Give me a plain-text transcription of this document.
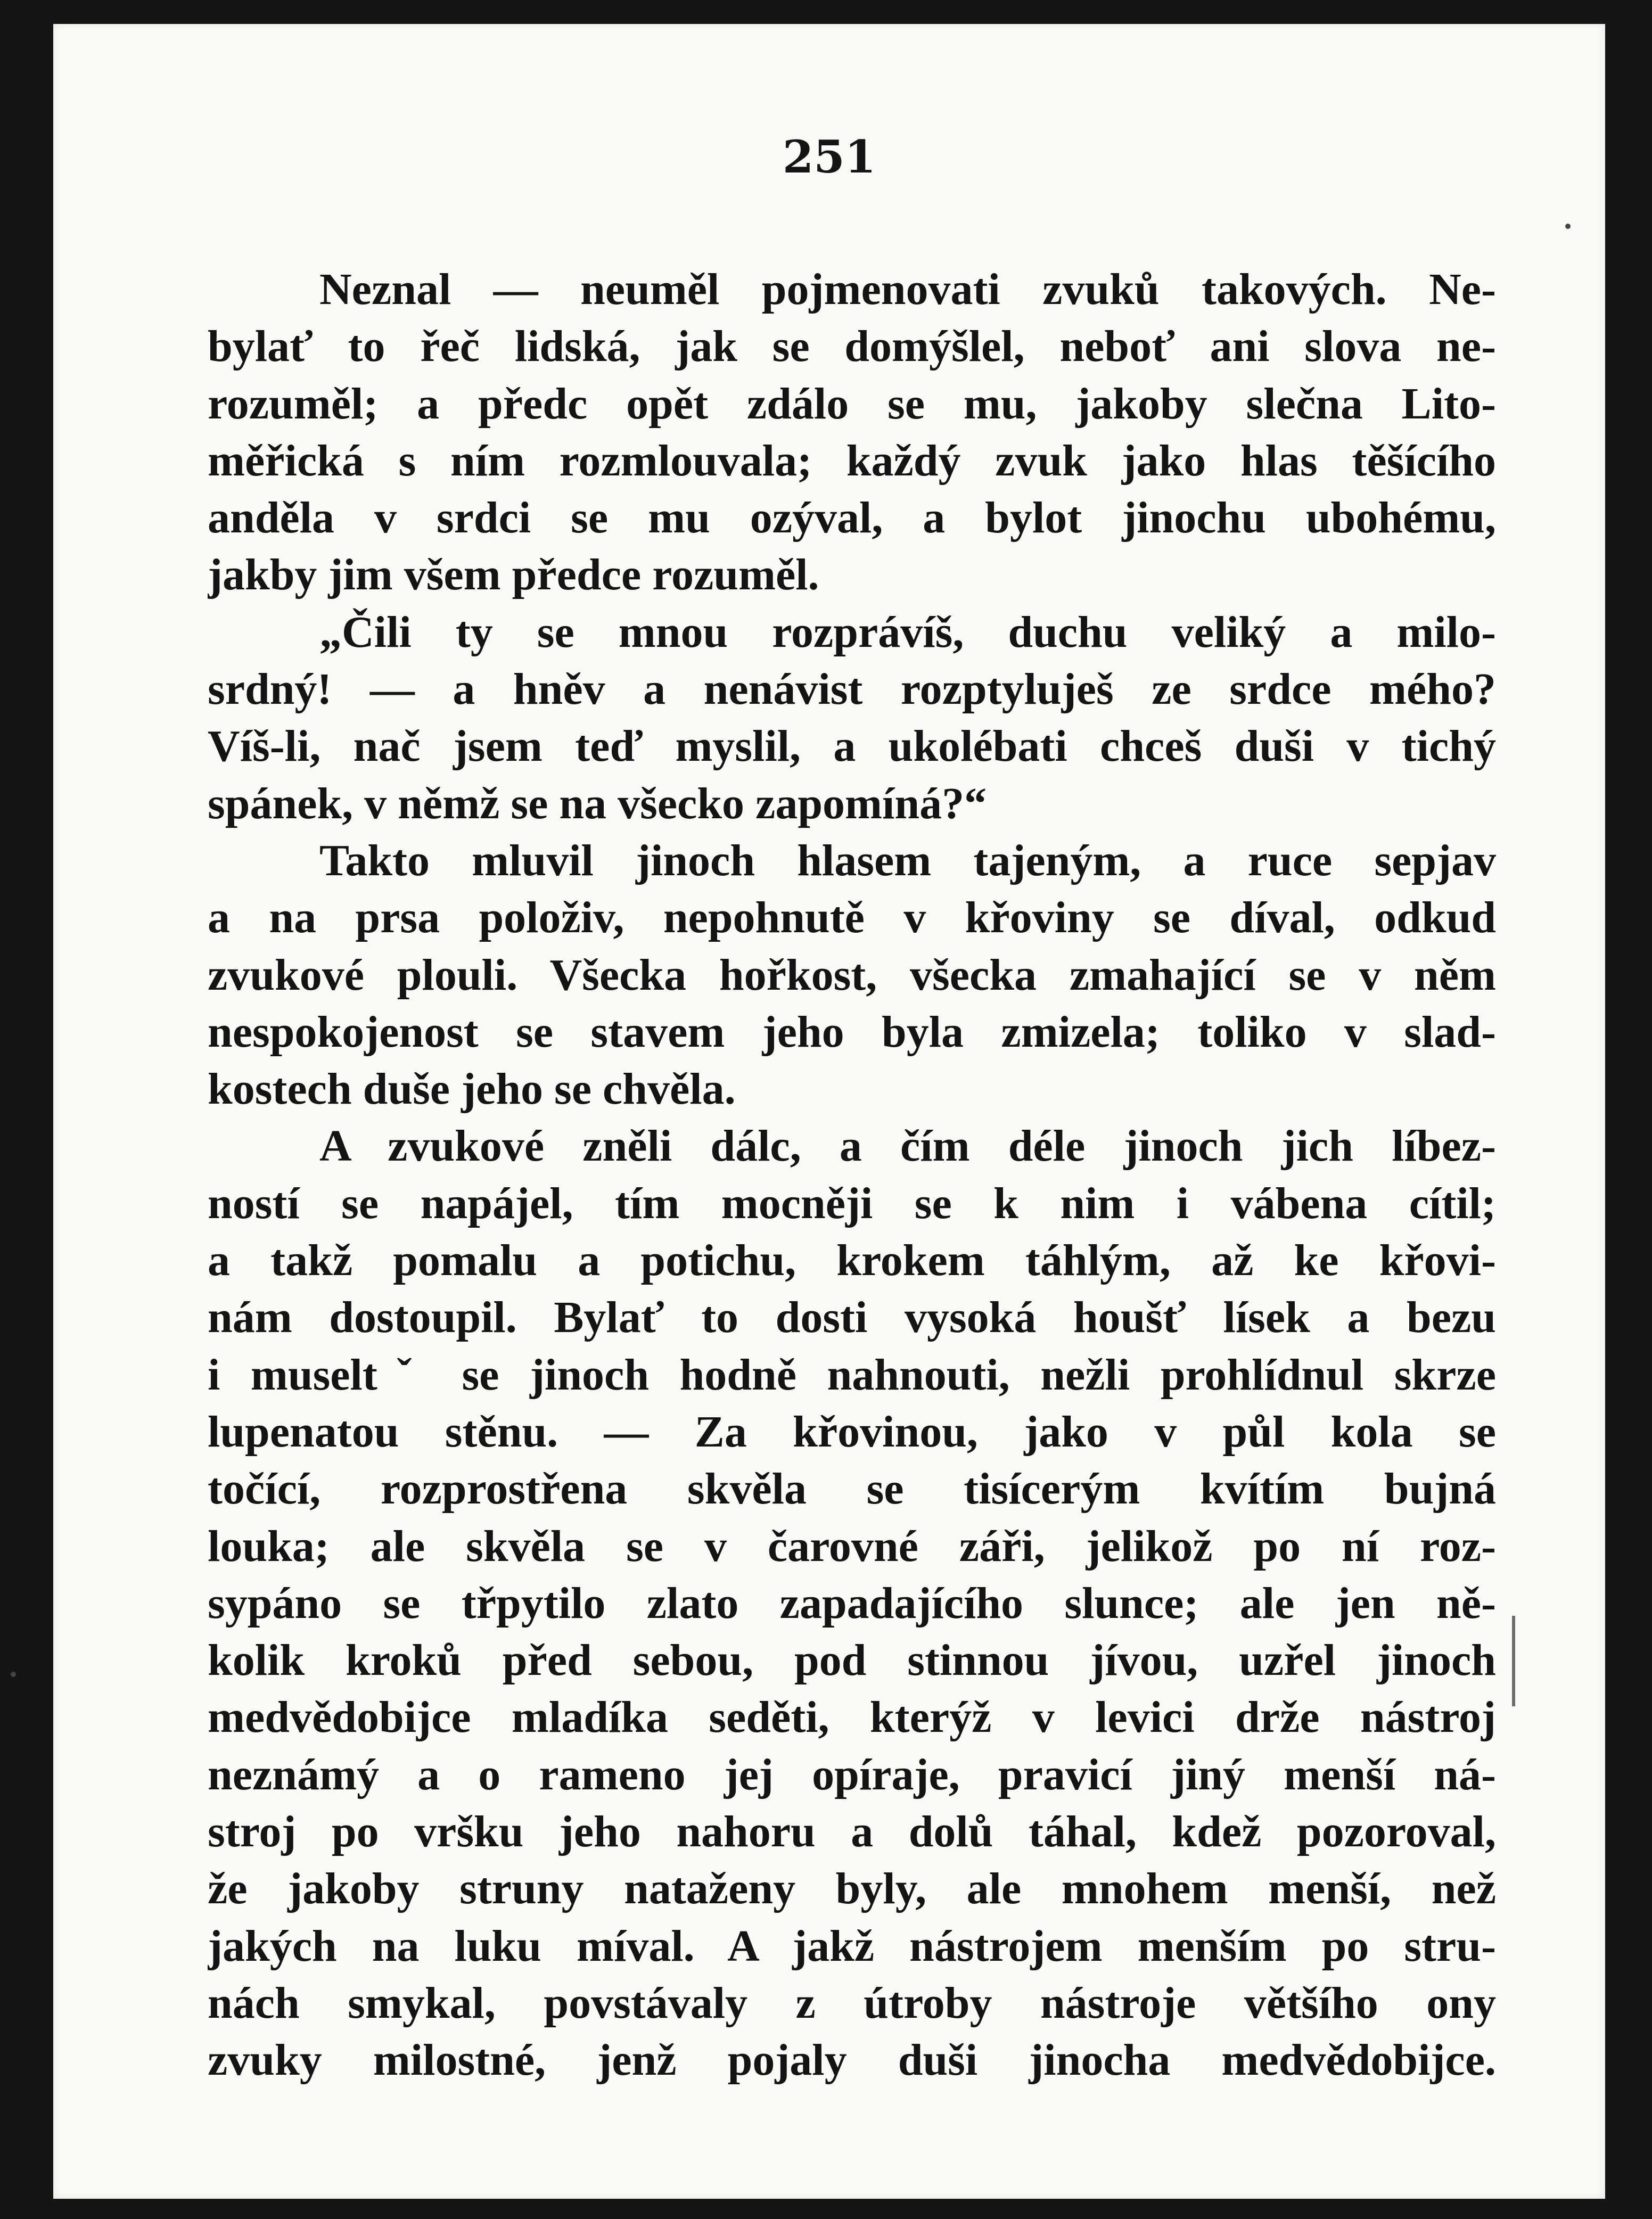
251
Neznal — neuměl pojmenovati zvuků takových. Ne-
bylať to řeč lidská, jak se domýšlel, neboť ani slova ne-
rozuměl; a předc opět zdálo se mu, jakoby slečna Lito-
měřická s ním rozmlouvala; každý zvuk jako hlas těšícího
anděla v srdci se mu ozýval, a bylot jinochu ubohému,
jakby jim všem předce rozuměl.
„Čili ty se mnou rozprávíš, duchu veliký a milo-
srdný! — a hněv a nenávist rozptyluješ ze srdce mého?
Víš-li, nač jsem teď myslil, a ukolébati chceš duši v tichý
spánek, v němž se na všecko zapomíná?“
Takto mluvil jinoch hlasem tajeným, a ruce sepjav
a na prsa položiv, nepohnutě v křoviny se díval, odkud
zvukové plouli. Všecka hořkost, všecka zmahající se v něm
nespokojenost se stavem jeho byla zmizela; toliko v slad-
kostech duše jeho se chvěla.
A zvukové zněli dálc, a čím déle jinoch jich líbez-
ností se napájel, tím mocněji se k nim i vábena cítil;
a takž pomalu a potichu, krokem táhlým, až ke křovi-
nám dostoupil. Bylať to dosti vysoká houšť lísek a bezu
i museltˇ se jinoch hodně nahnouti, nežli prohlídnul skrze
lupenatou stěnu. — Za křovinou, jako v půl kola se
točící, rozprostřena skvěla se tisícerým kvítím bujná
louka; ale skvěla se v čarovné záři, jelikož po ní roz-
sypáno se třpytilo zlato zapadajícího slunce; ale jen ně-
kolik kroků před sebou, pod stinnou jívou, uzřel jinoch
medvědobijce mladíka seděti, kterýž v levici drže nástroj
neznámý a o rameno jej opíraje, pravicí jiný menší ná-
stroj po vršku jeho nahoru a dolů táhal, kdež pozoroval,
že jakoby struny nataženy byly, ale mnohem menší, než
jakých na luku míval. A jakž nástrojem menším po stru-
nách smykal, povstávaly z útroby nástroje většího ony
zvuky milostné, jenž pojaly duši jinocha medvědobijce.
